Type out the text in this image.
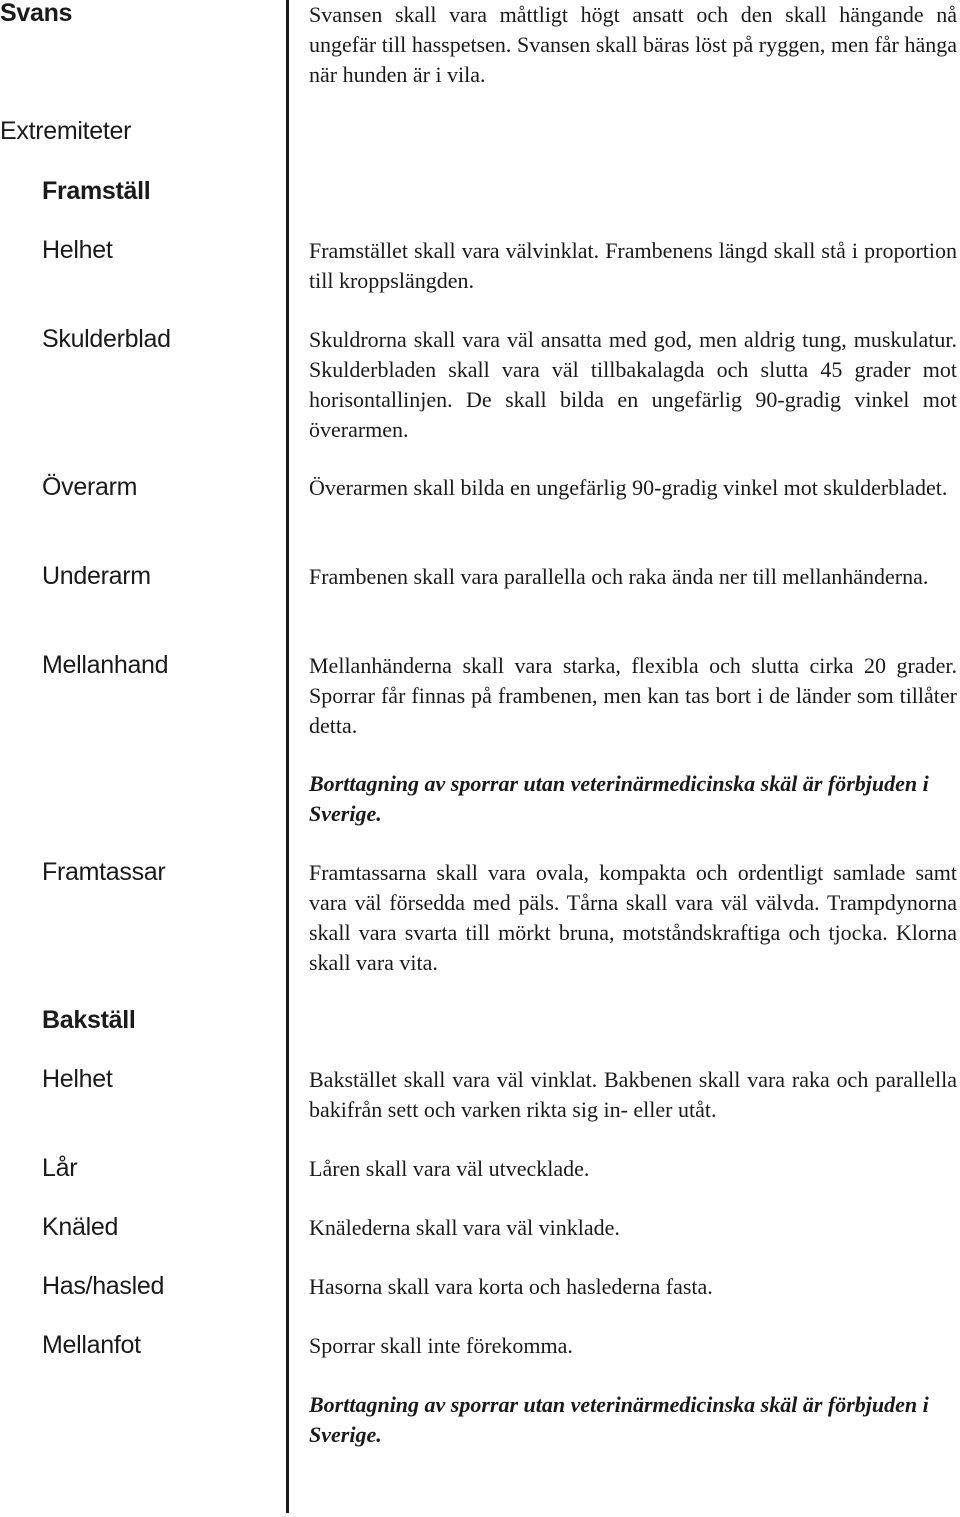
Svans	Svansen skall vara måttligt högt ansatt och den skall hängande nå ungefär till hasspetsen. Svansen skall bäras löst på ryggen, men får hänga när hunden är i vila.
Extremiteter
Framställ
Helhet	Framstället skall vara välvinklat. Frambenens längd skall stå i proportion till kroppslängden.
Skulderblad	Skuldrorna skall vara väl ansatta med god, men aldrig tung, muskulatur. Skulderbladen skall vara väl tillbakalagda och slutta 45 grader mot horisontallinjen. De skall bilda en ungefärlig 90-gradig vinkel mot överarmen.
Överarm	Överarmen skall bilda en ungefärlig 90-gradig vinkel mot skulderbladet.
Underarm	Frambenen skall vara parallella och raka ända ner till mellanhänderna.
Mellanhand	Mellanhänderna skall vara starka, flexibla och slutta cirka 20 grader. Sporrar får finnas på frambenen, men kan tas bort i de länder som tillåter detta.
Borttagning av sporrar utan veterinärmedicinska skäl är förbjuden i Sverige.
Framtassar	Framtassarna skall vara ovala, kompakta och ordentligt samlade samt vara väl försedda med päls. Tårna skall vara väl välvda. Trampdynorna skall vara svarta till mörkt bruna, motståndskraftiga och tjocka. Klorna skall vara vita.
Bakställ
Helhet	Bakstället skall vara väl vinklat. Bakbenen skall vara raka och parallella bakifrån sett och varken rikta sig in- eller utåt.
Lår	Låren skall vara väl utvecklade.
Knäled	Knälederna skall vara väl vinklade.
Has/hasled	Hasorna skall vara korta och haslederna fasta.
Mellanfot	Sporrar skall inte förekomma.
Borttagning av sporrar utan veterinärmedicinska skäl är förbjuden i Sverige.
